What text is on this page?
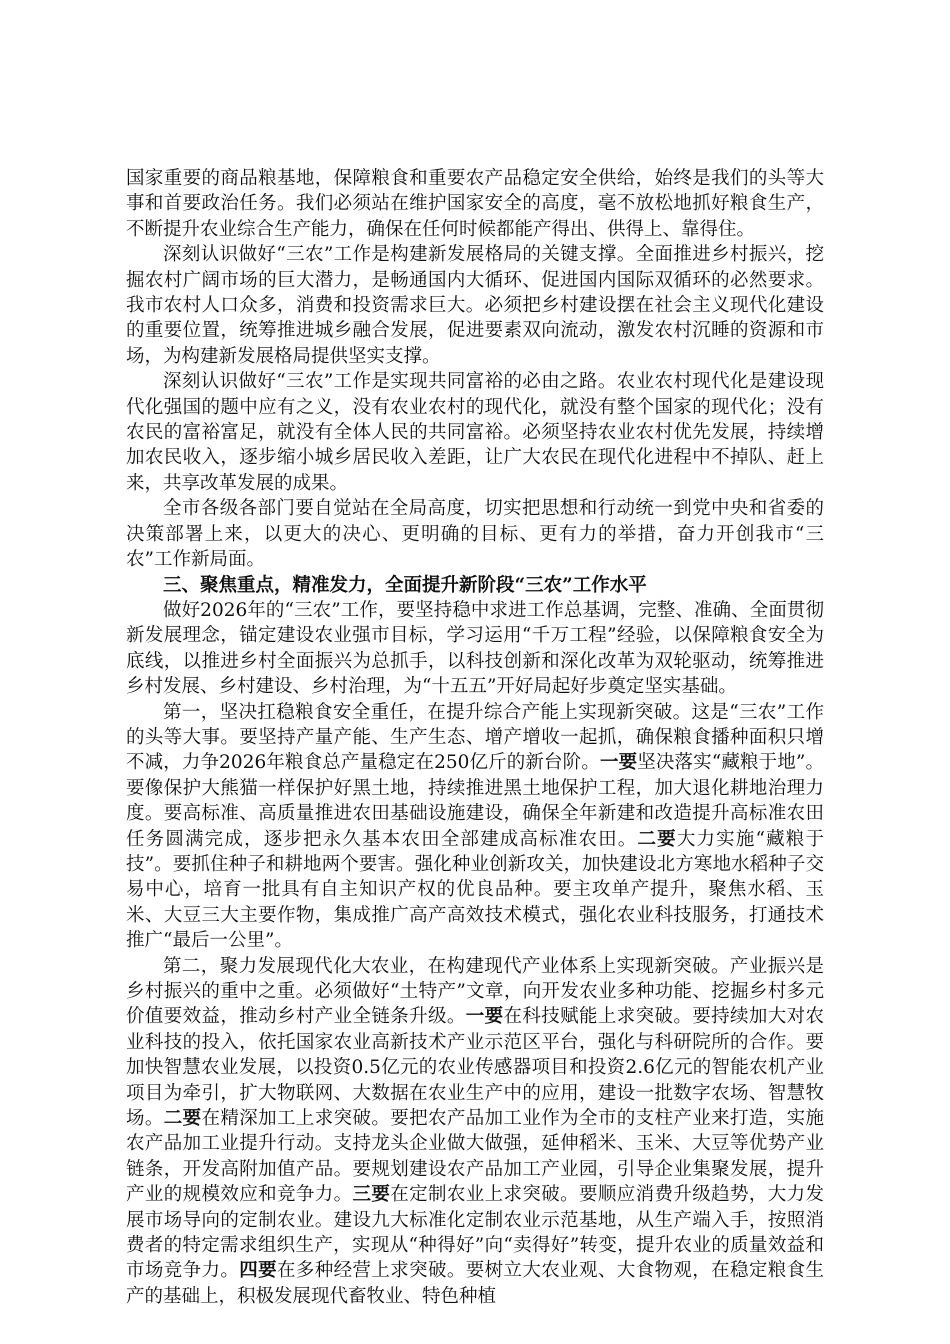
国家重要的商品粮基地，保障粮食和重要农产品稳定安全供给，始终是我们的头等大事和首要政治任务。我们必须站在维护国家安全的高度，毫不放松地抓好粮食生产，不断提升农业综合生产能力，确保在任何时候都能产得出、供得上、靠得住。

深刻认识做好“三农”工作是构建新发展格局的关键支撑。全面推进乡村振兴，挖掘农村广阔市场的巨大潜力，是畅通国内大循环、促进国内国际双循环的必然要求。我市农村人口众多，消费和投资需求巨大。必须把乡村建设摆在社会主义现代化建设的重要位置，统筹推进城乡融合发展，促进要素双向流动，激发农村沉睡的资源和市场，为构建新发展格局提供坚实支撑。

深刻认识做好“三农”工作是实现共同富裕的必由之路。农业农村现代化是建设现代化强国的题中应有之义，没有农业农村的现代化，就没有整个国家的现代化；没有农民的富裕富足，就没有全体人民的共同富裕。必须坚持农业农村优先发展，持续增加农民收入，逐步缩小城乡居民收入差距，让广大农民在现代化进程中不掉队、赶上来，共享改革发展的成果。

全市各级各部门要自觉站在全局高度，切实把思想和行动统一到党中央和省委的决策部署上来，以更大的决心、更明确的目标、更有力的举措，奋力开创我市“三农”工作新局面。

三、聚焦重点，精准发力，全面提升新阶段“三农”工作水平

做好2026年的“三农”工作，要坚持稳中求进工作总基调，完整、准确、全面贯彻新发展理念，锚定建设农业强市目标，学习运用“千万工程”经验，以保障粮食安全为底线，以推进乡村全面振兴为总抓手，以科技创新和深化改革为双轮驱动，统筹推进乡村发展、乡村建设、乡村治理，为“十五五”开好局起好步奠定坚实基础。

第一，坚决扛稳粮食安全重任，在提升综合产能上实现新突破。这是“三农”工作的头等大事。要坚持产量产能、生产生态、增产增收一起抓，确保粮食播种面积只增不减，力争2026年粮食总产量稳定在250亿斤的新台阶。一要坚决落实“藏粮于地”。要像保护大熊猫一样保护好黑土地，持续推进黑土地保护工程，加大退化耕地治理力度。要高标准、高质量推进农田基础设施建设，确保全年新建和改造提升高标准农田任务圆满完成，逐步把永久基本农田全部建成高标准农田。二要大力实施“藏粮于技”。要抓住种子和耕地两个要害。强化种业创新攻关，加快建设北方寒地水稻种子交易中心，培育一批具有自主知识产权的优良品种。要主攻单产提升，聚焦水稻、玉米、大豆三大主要作物，集成推广高产高效技术模式，强化农业科技服务，打通技术推广“最后一公里”。

第二，聚力发展现代化大农业，在构建现代产业体系上实现新突破。产业振兴是乡村振兴的重中之重。必须做好“土特产”文章，向开发农业多种功能、挖掘乡村多元价值要效益，推动乡村产业全链条升级。一要在科技赋能上求突破。要持续加大对农业科技的投入，依托国家农业高新技术产业示范区平台，强化与科研院所的合作。要加快智慧农业发展，以投资0.5亿元的农业传感器项目和投资2.6亿元的智能农机产业项目为牵引，扩大物联网、大数据在农业生产中的应用，建设一批数字农场、智慧牧场。二要在精深加工上求突破。要把农产品加工业作为全市的支柱产业来打造，实施农产品加工业提升行动。支持龙头企业做大做强，延伸稻米、玉米、大豆等优势产业链条，开发高附加值产品。要规划建设农产品加工产业园，引导企业集聚发展，提升产业的规模效应和竞争力。三要在定制农业上求突破。要顺应消费升级趋势，大力发展市场导向的定制农业。建设九大标准化定制农业示范基地，从生产端入手，按照消费者的特定需求组织生产，实现从“种得好”向“卖得好”转变，提升农业的质量效益和市场竞争力。四要在多种经营上求突破。要树立大农业观、大食物观，在稳定粮食生产的基础上，积极发展现代畜牧业、特色种植
